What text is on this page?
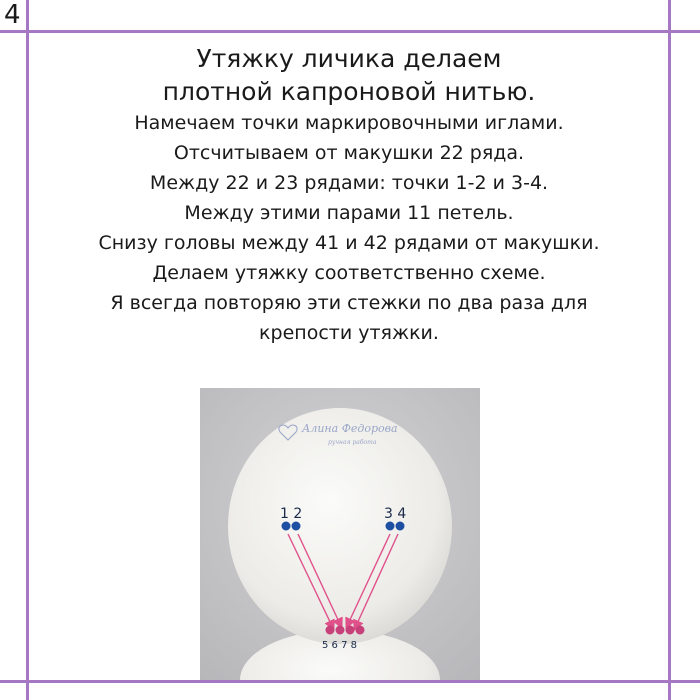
4

Утяжку личика делаем

плотной капроновой нитью.

Намечаем точки маркировочными иглами.

Отсчитываем от макушки 22 ряда.

Между 22 и 23 рядами: точки 1-2 и 3-4.

Между этими парами 11 петель.

Снизу головы между 41 и 42 рядами от макушки.

Делаем утяжку соответственно схеме.

Я всегда повторяю эти стежки по два раза для

крепости утяжки.

Алина Федорова
ручная работа
1 2	3 4
5 6 7 8
